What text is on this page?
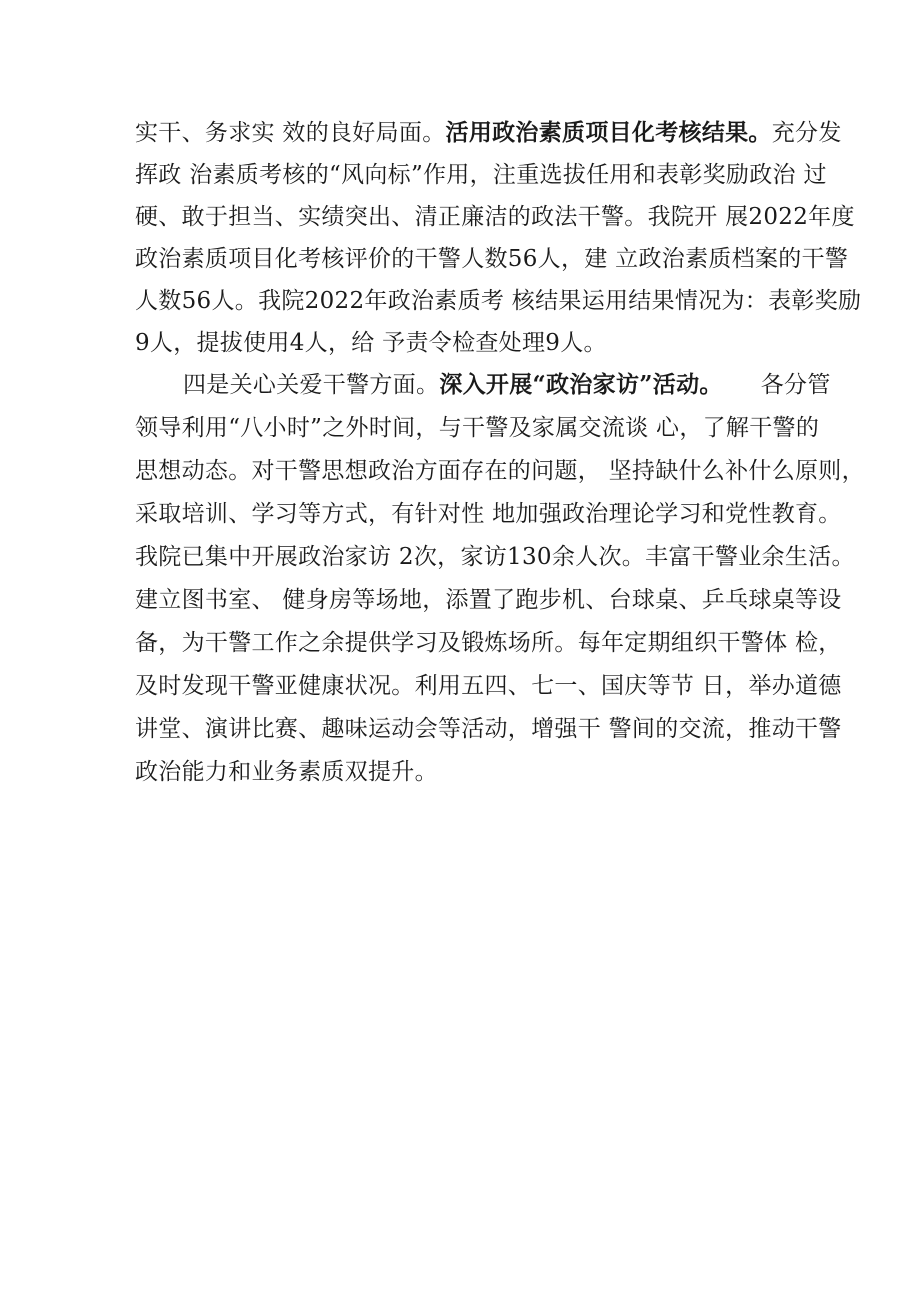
实干、务求实 效的良好局面。活用政治素质项目化考核结果。充分发
挥政 治素质考核的“风向标”作用，注重选拔任用和表彰奖励政治 过
硬、敢于担当、实绩突出、清正廉洁的政法干警。我院开 展2022年度
政治素质项目化考核评价的干警人数56人，建 立政治素质档案的干警
人数56人。我院2022年政治素质考 核结果运用结果情况为：表彰奖励
9人，提拔使用4人，给 予责令检查处理9人。
四是关心关爱干警方面。深入开展“政治家访”活动。     各分管
领导利用“八小时”之外时间，与干警及家属交流谈 心，了解干警的
思想动态。对干警思想政治方面存在的问题， 坚持缺什么补什么原则，
采取培训、学习等方式，有针对性 地加强政治理论学习和党性教育。
我院已集中开展政治家访 2次，家访130余人次。丰富干警业余生活。
建立图书室、 健身房等场地，添置了跑步机、台球桌、乒乓球桌等设
备，为干警工作之余提供学习及锻炼场所。每年定期组织干警体 检，
及时发现干警亚健康状况。利用五四、七一、国庆等节 日，举办道德
讲堂、演讲比赛、趣味运动会等活动，增强干 警间的交流，推动干警
政治能力和业务素质双提升。
